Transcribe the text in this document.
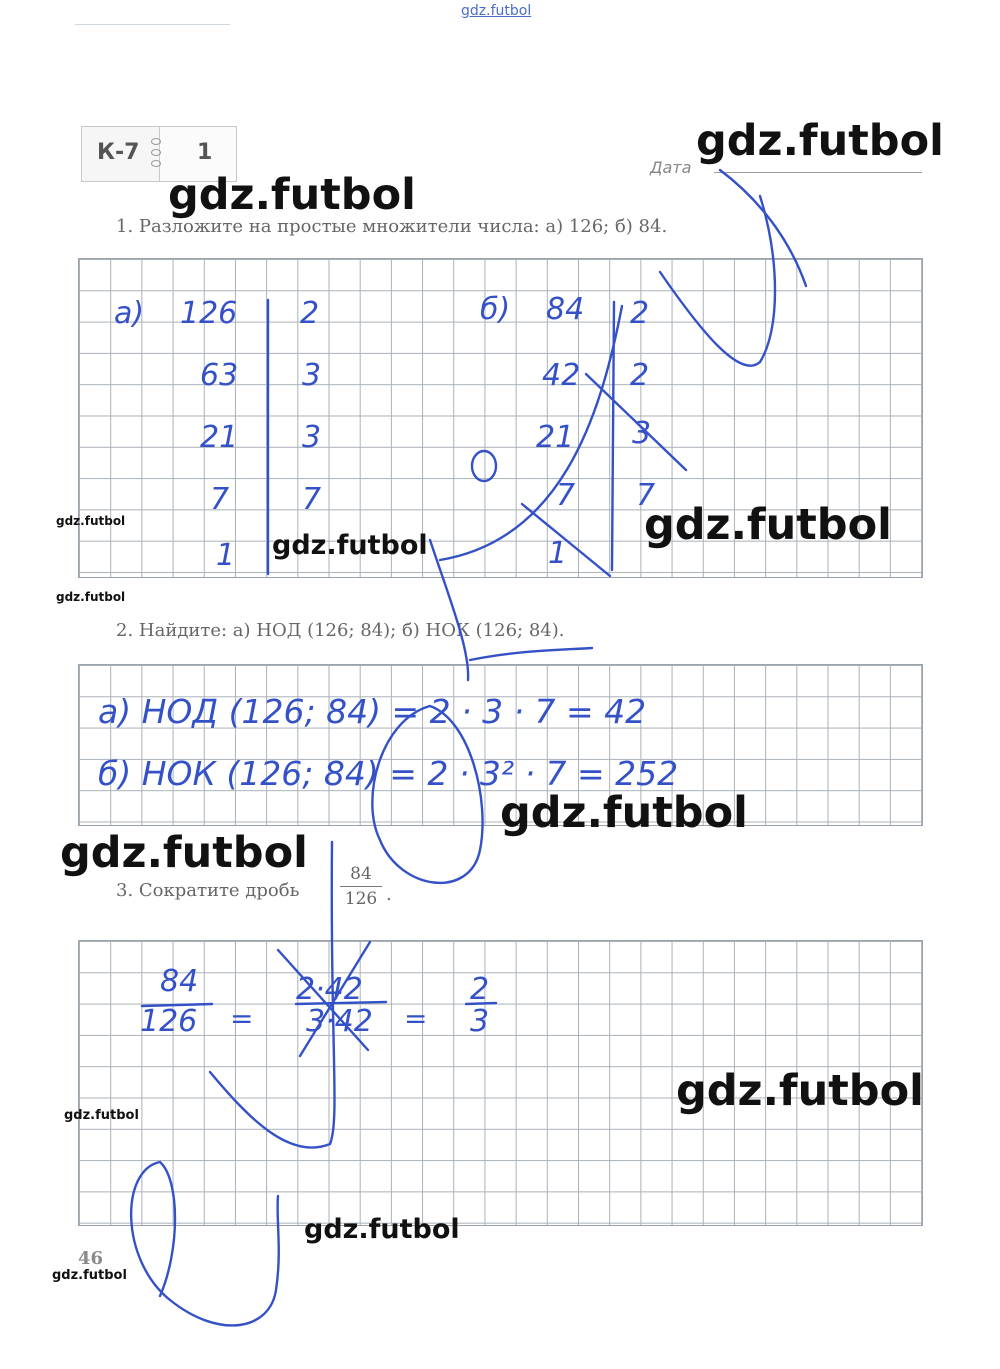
gdz.futbol
К-7	1
Дата
1. Разложите на простые множители числа: а) 126; б) 84.
а) 126
63
21
7
1
2
3
3
7
б) 84
42
21
7
1
2
2
3
7
2. Найдите: а) НОД (126; 84); б) НОК (126; 84).
а) НОД (126; 84) = 2 · 3 · 7 = 42
б) НОК (126; 84) = 2 · 3² · 7 = 252
3. Сократите дробь
84
126 .
84
126
2·42
3·42
2
3
46
=	=
gdz.futbol
gdz.futbol
gdz.futbol
gdz.futbol
gdz.futbol
gdz.futbol
gdz.futbol
gdz.futbol
gdz.futbol
gdz.futbol
gdz.futbol
gdz.futbol
